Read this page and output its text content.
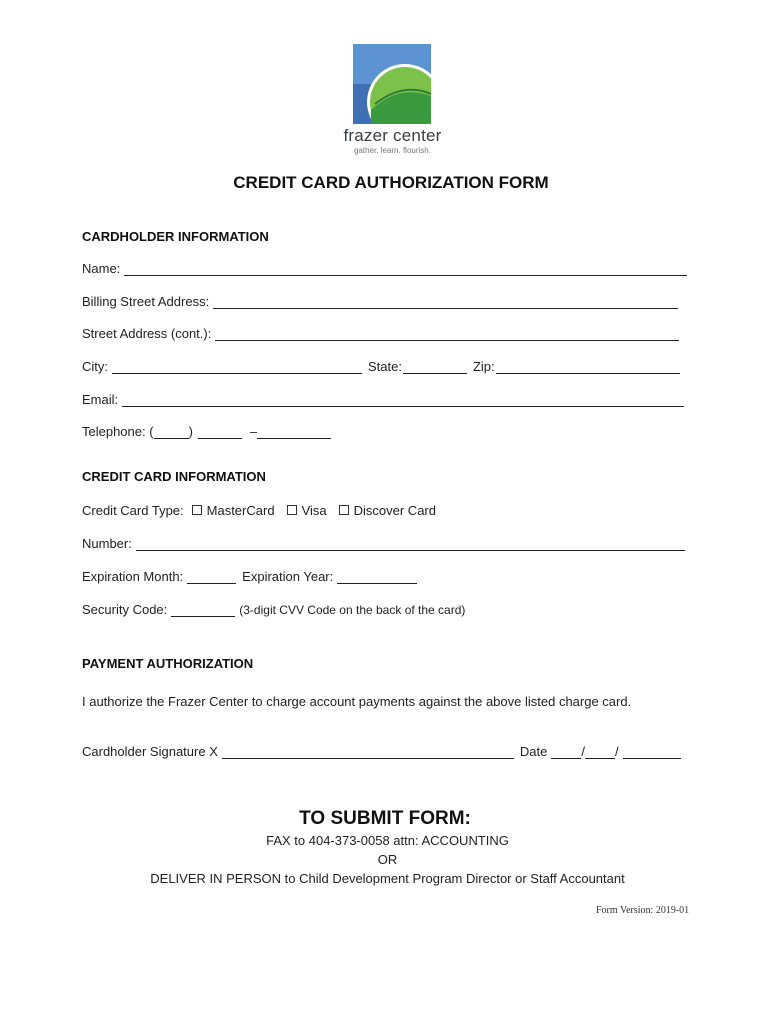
frazer center
gather. learn. flourish.
CREDIT CARD AUTHORIZATION FORM
CARDHOLDER INFORMATION
Name:
Billing Street Address:
Street Address (cont.):
City:	State:	Zip:
Email:
Telephone: (	)	–
CREDIT CARD INFORMATION
Credit Card Type: MasterCard Visa Discover Card
Number:
Expiration Month:	Expiration Year:
Security Code:	(3-digit CVV Code on the back of the card)
PAYMENT AUTHORIZATION
I authorize the Frazer Center to charge account payments against the above listed charge card.
Cardholder Signature X	Date	/ /
TO SUBMIT FORM:
FAX to 404-373-0058 attn: ACCOUNTING
OR
DELIVER IN PERSON to Child Development Program Director or Staff Accountant
Form Version: 2019-01
